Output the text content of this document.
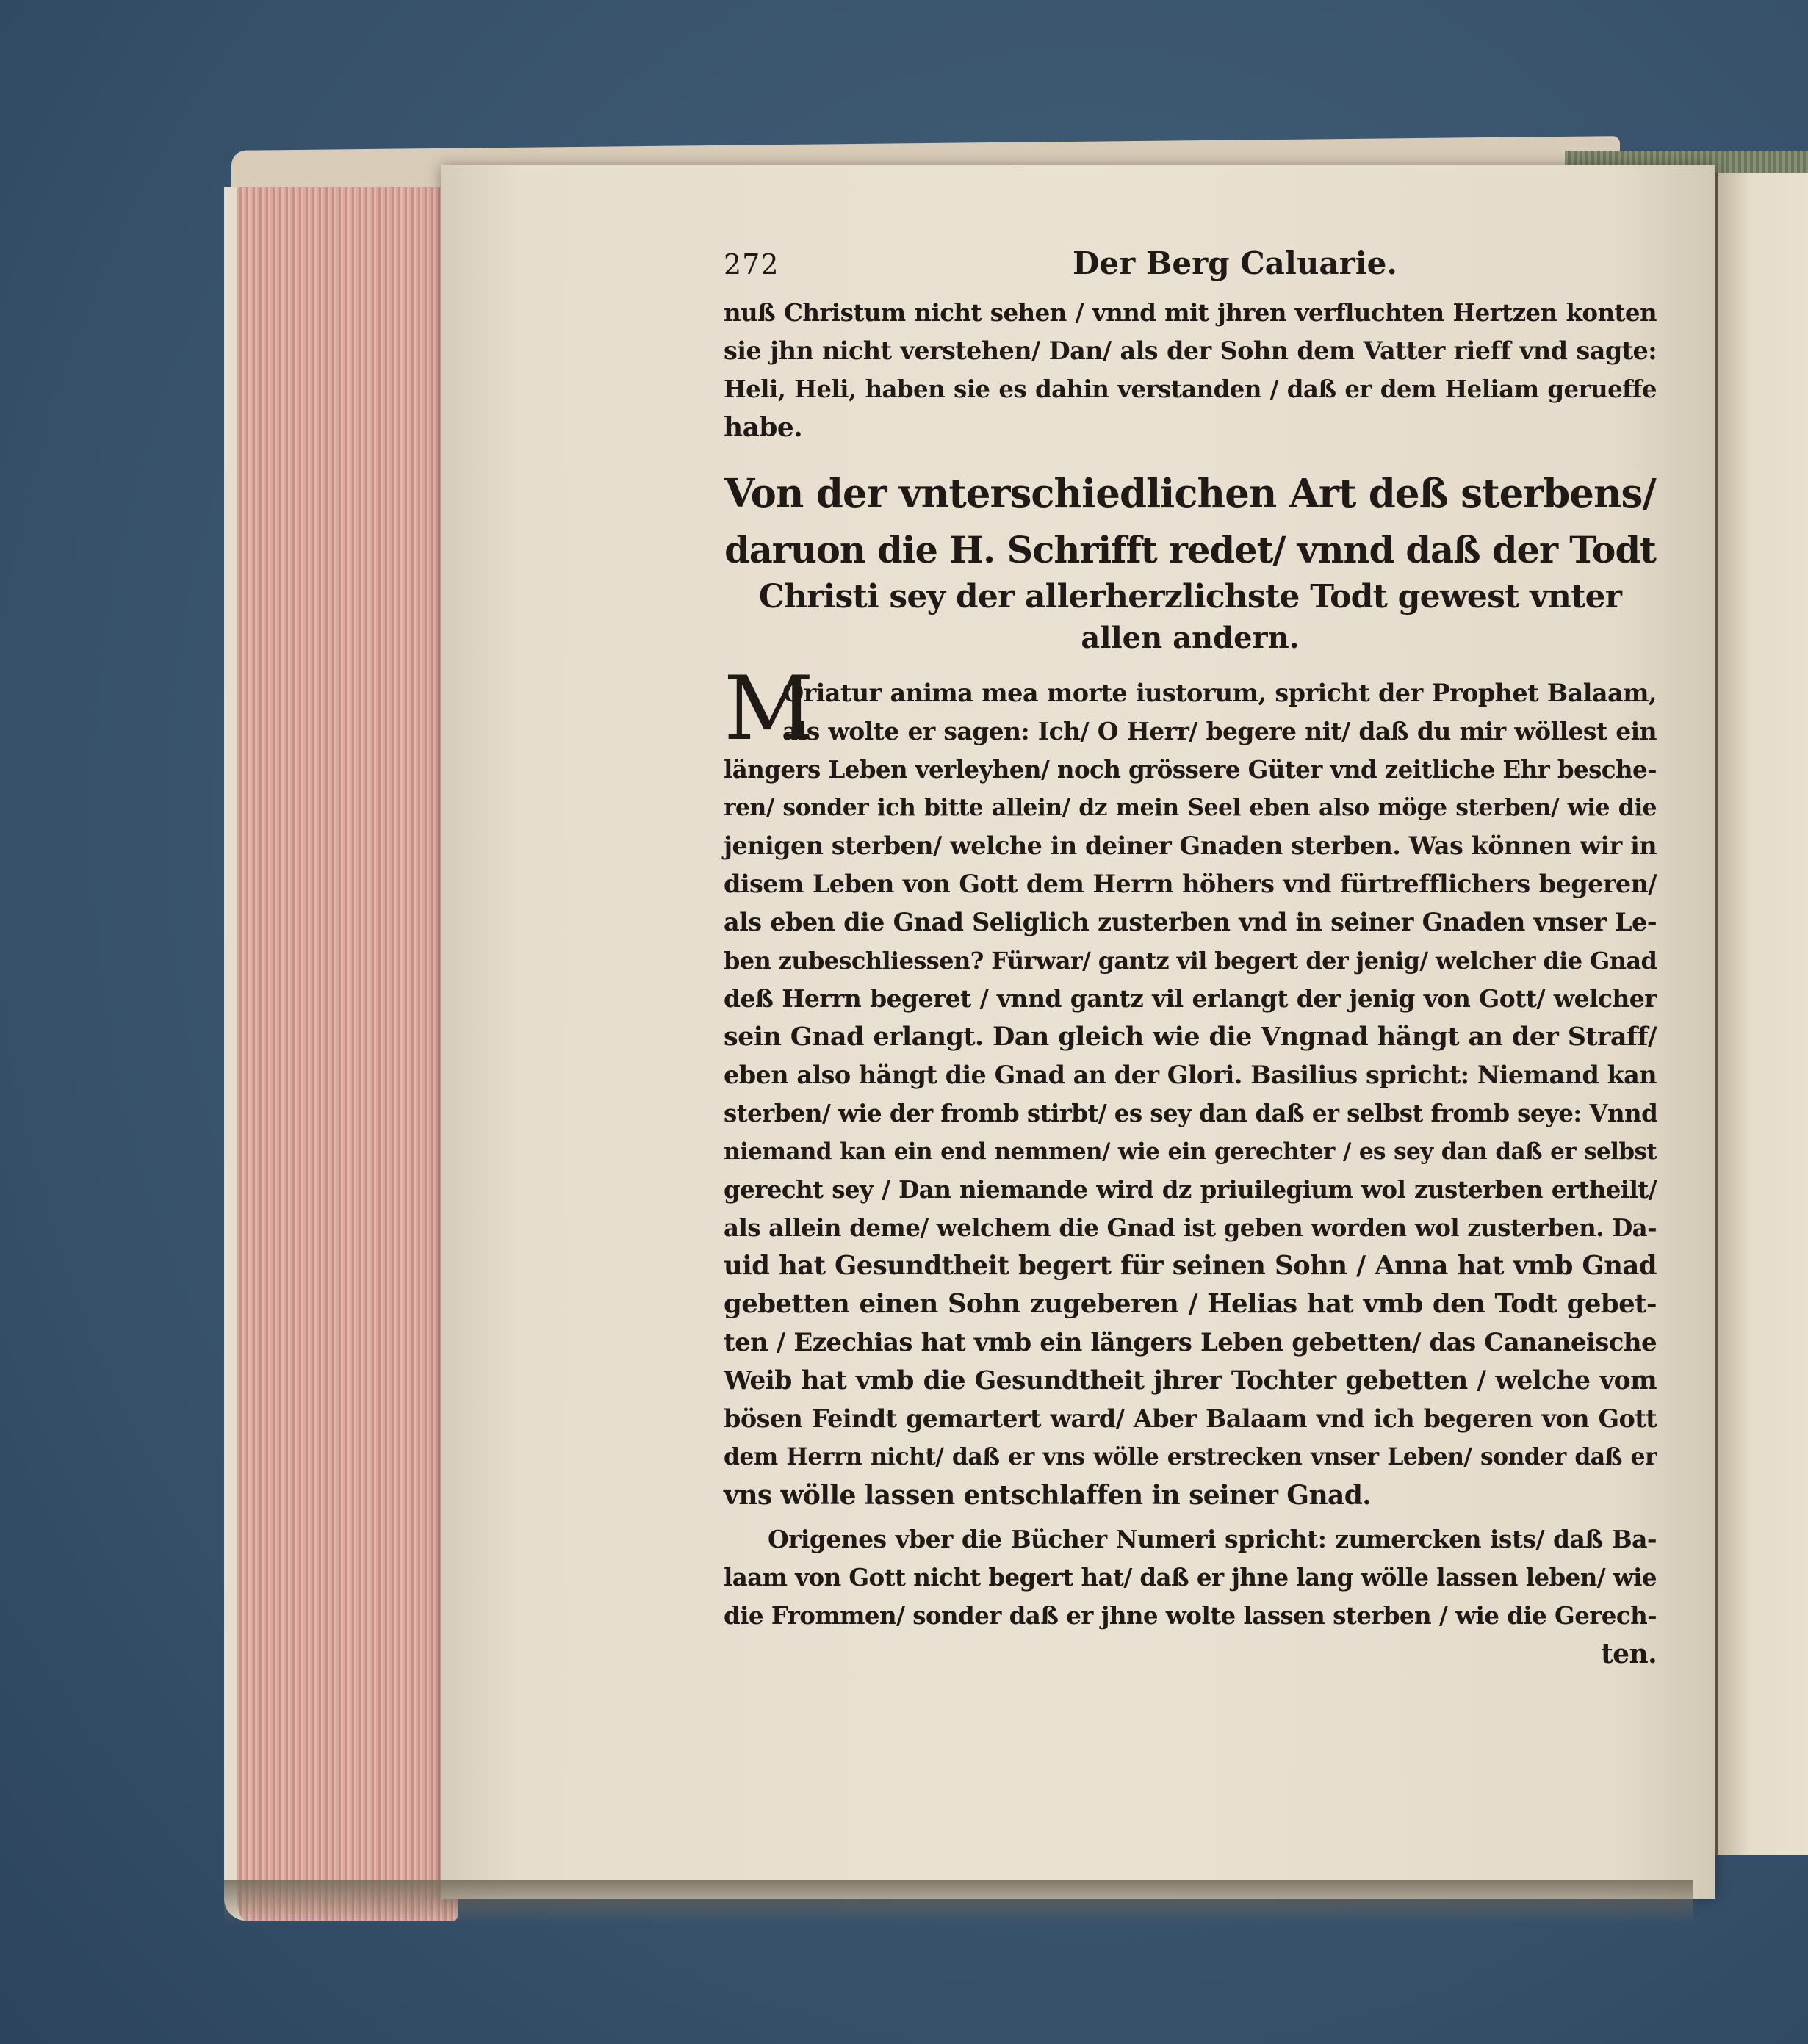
272	Der Berg Caluarie.
nuß Christum nicht sehen / vnnd mit jhren verfluchten Hertzen konten
sie jhn nicht verstehen/ Dan/ als der Sohn dem Vatter rieff vnd sagte:
Heli, Heli, haben sie es dahin verstanden / daß er dem Heliam gerueffe
habe.
Von der vnterschiedlichen Art deß sterbens/
daruon die H. Schrifft redet/ vnnd daß der Todt
Christi sey der allerherzlichste Todt gewest vnter
allen andern.
M
Oriatur anima mea morte iustorum, spricht der Prophet Balaam,
als wolte er sagen: Ich/ O Herr/ begere nit/ daß du mir wöllest ein
längers Leben verleyhen/ noch grössere Güter vnd zeitliche Ehr besche-
ren/ sonder ich bitte allein/ dz mein Seel eben also möge sterben/ wie die
jenigen sterben/ welche in deiner Gnaden sterben. Was können wir in
disem Leben von Gott dem Herrn höhers vnd fürtrefflichers begeren/
als eben die Gnad Seliglich zusterben vnd in seiner Gnaden vnser Le-
ben zubeschliessen? Fürwar/ gantz vil begert der jenig/ welcher die Gnad
deß Herrn begeret / vnnd gantz vil erlangt der jenig von Gott/ welcher
sein Gnad erlangt. Dan gleich wie die Vngnad hängt an der Straff/
eben also hängt die Gnad an der Glori. Basilius spricht: Niemand kan
sterben/ wie der fromb stirbt/ es sey dan daß er selbst fromb seye: Vnnd
niemand kan ein end nemmen/ wie ein gerechter / es sey dan daß er selbst
gerecht sey / Dan niemande wird dz priuilegium wol zusterben ertheilt/
als allein deme/ welchem die Gnad ist geben worden wol zusterben. Da-
uid hat Gesundtheit begert für seinen Sohn / Anna hat vmb Gnad
gebetten einen Sohn zugeberen / Helias hat vmb den Todt gebet-
ten / Ezechias hat vmb ein längers Leben gebetten/ das Cananeische
Weib hat vmb die Gesundtheit jhrer Tochter gebetten / welche vom
bösen Feindt gemartert ward/ Aber Balaam vnd ich begeren von Gott
dem Herrn nicht/ daß er vns wölle erstrecken vnser Leben/ sonder daß er
vns wölle lassen entschlaffen in seiner Gnad.
Origenes vber die Bücher Numeri spricht: zumercken ists/ daß Ba-
laam von Gott nicht begert hat/ daß er jhne lang wölle lassen leben/ wie
die Frommen/ sonder daß er jhne wolte lassen sterben / wie die Gerech-
ten.
